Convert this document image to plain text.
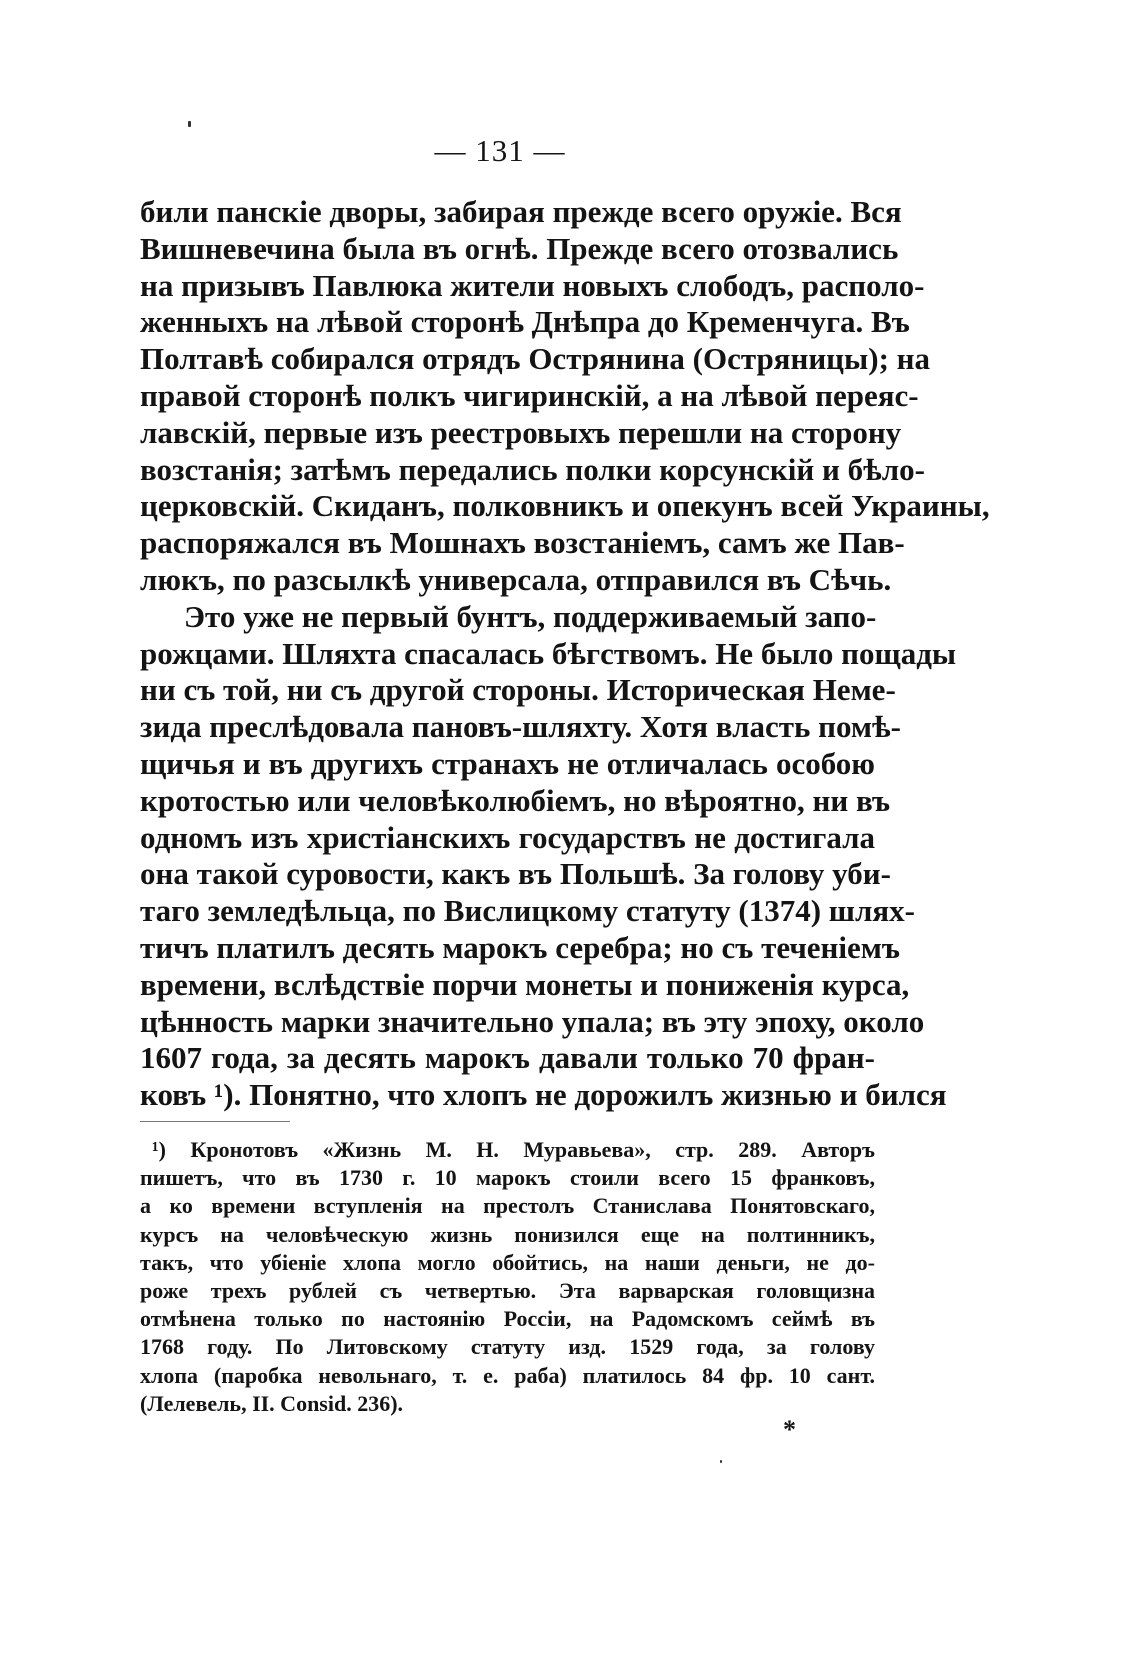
— 131 —
били панскіе дворы, забирая прежде всего оружіе. Вся
Вишневечина была въ огнѣ. Прежде всего отозвались
на призывъ Павлюка жители новыхъ слободъ, располо-
женныхъ на лѣвой сторонѣ Днѣпра до Кременчуга. Въ
Полтавѣ собирался отрядъ Острянина (Остряницы); на
правой сторонѣ полкъ чигиринскій, а на лѣвой переяс-
лавскій, первые изъ реестровыхъ перешли на сторону
возстанія; затѣмъ передались полки корсунскій и бѣло-
церковскій. Скиданъ, полковникъ и опекунъ всей Украины,
распоряжался въ Мошнахъ возстаніемъ, самъ же Пав-
люкъ, по разсылкѣ универсала, отправился въ Сѣчь.
Это уже не первый бунтъ, поддерживаемый запо-
рожцами. Шляхта спасалась бѣгствомъ. Не было пощады
ни съ той, ни съ другой стороны. Историческая Неме-
зида преслѣдовала пановъ-шляхту. Хотя власть помѣ-
щичья и въ другихъ странахъ не отличалась особою
кротостью или человѣколюбіемъ, но вѣроятно, ни въ
одномъ изъ христіанскихъ государствъ не достигала
она такой суровости, какъ въ Польшѣ. За голову уби-
таго земледѣльца, по Вислицкому статуту (1374) шлях-
тичъ платилъ десять марокъ серебра; но съ теченіемъ
времени, вслѣдствіе порчи монеты и пониженія курса,
цѣнность марки значительно упала; въ эту эпоху, около
1607 года, за десять марокъ давали только 70 фран-
ковъ ¹). Понятно, что хлопъ не дорожилъ жизнью и бился
¹) Кронотовъ «Жизнь М. Н. Муравьева», стр. 289. Авторъ
пишетъ, что въ 1730 г. 10 марокъ стоили всего 15 франковъ,
а ко времени вступленія на престолъ Станислава Понятовскаго,
курсъ на человѣческую жизнь понизился еще на полтинникъ,
такъ, что убіеніе хлопа могло обойтись, на наши деньги, не до-
роже трехъ рублей съ четвертью. Эта варварская головщизна
отмѣнена только по настоянію Россіи, на Радомскомъ сеймѣ въ
1768 году. По Литовскому статуту изд. 1529 года, за голову
хлопа (паробка невольнаго, т. е. раба) платилось 84 фр. 10 сант.
(Лелевель, II. Consid. 236).
*
